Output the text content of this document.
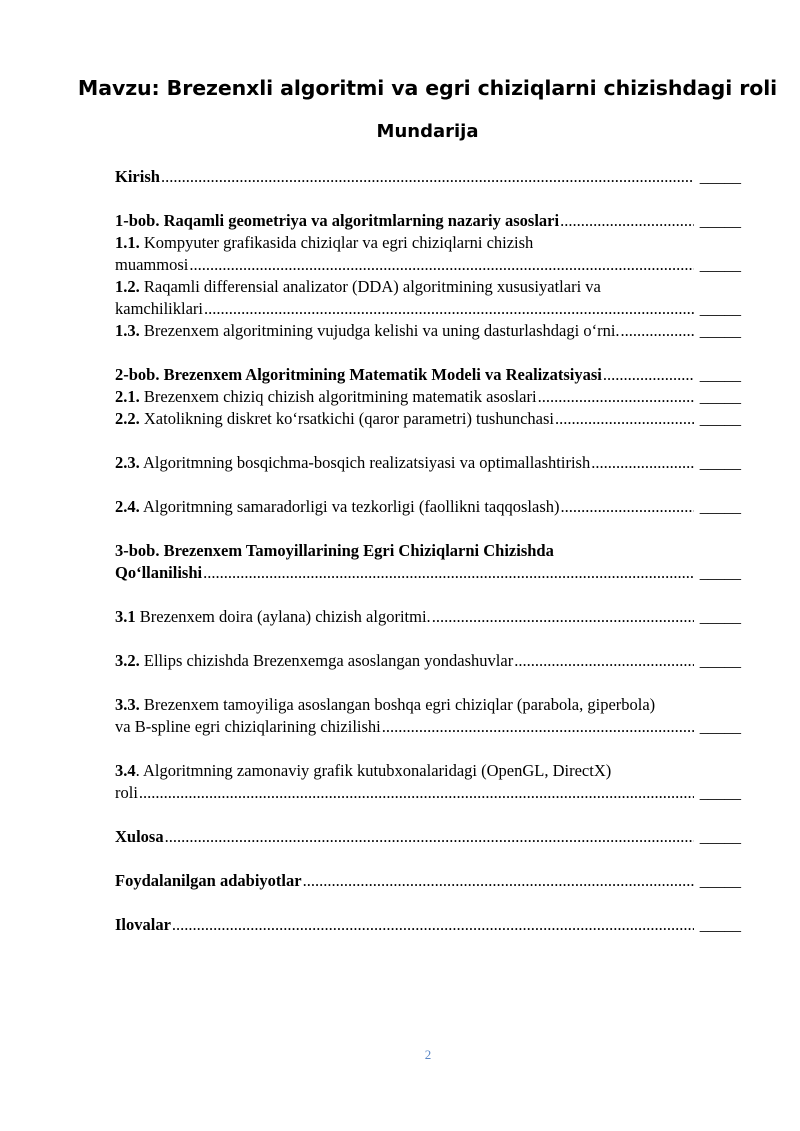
Mavzu: Brezenxli algoritmi va egri chiziqlarni chizishdagi roli
Mundarija
Kirish
.....
_____
1-bob. Raqamli geometriya va algoritmlarning nazariy asoslari
.....
_____
1.1. Kompyuter grafikasida chiziqlar va egri chiziqlarni chizish
muammosi
.....
_____
1.2. Raqamli differensial analizator (DDA) algoritmining xususiyatlari va
kamchiliklari
.....
_____
1.3. Brezenxem algoritmining vujudga kelishi va uning dasturlashdagi o‘rni.
.....
_____
2-bob. Brezenxem Algoritmining Matematik Modeli va Realizatsiyasi
.....
_____
2.1. Brezenxem chiziq chizish algoritmining matematik asoslari
.....
_____
2.2. Xatolikning diskret ko‘rsatkichi (qaror parametri) tushunchasi
.....
_____
2.3. Algoritmning bosqichma-bosqich realizatsiyasi va optimallashtirish
.....
_____
2.4. Algoritmning samaradorligi va tezkorligi (faollikni taqqoslash)
.....
_____
3-bob. Brezenxem Tamoyillarining Egri Chiziqlarni Chizishda
Qo‘llanilishi
.....
_____
3.1 Brezenxem doira (aylana) chizish algoritmi.
.....
_____
3.2. Ellips chizishda Brezenxemga asoslangan yondashuvlar
.....
_____
3.3. Brezenxem tamoyiliga asoslangan boshqa egri chiziqlar (parabola, giperbola)
va B-spline egri chiziqlarining chizilishi
.....
_____
3.4. Algoritmning zamonaviy grafik kutubxonalaridagi (OpenGL, DirectX)
roli
.....
_____
Xulosa
.....
_____
Foydalanilgan adabiyotlar
.....
_____
Ilovalar
.....
_____
2
